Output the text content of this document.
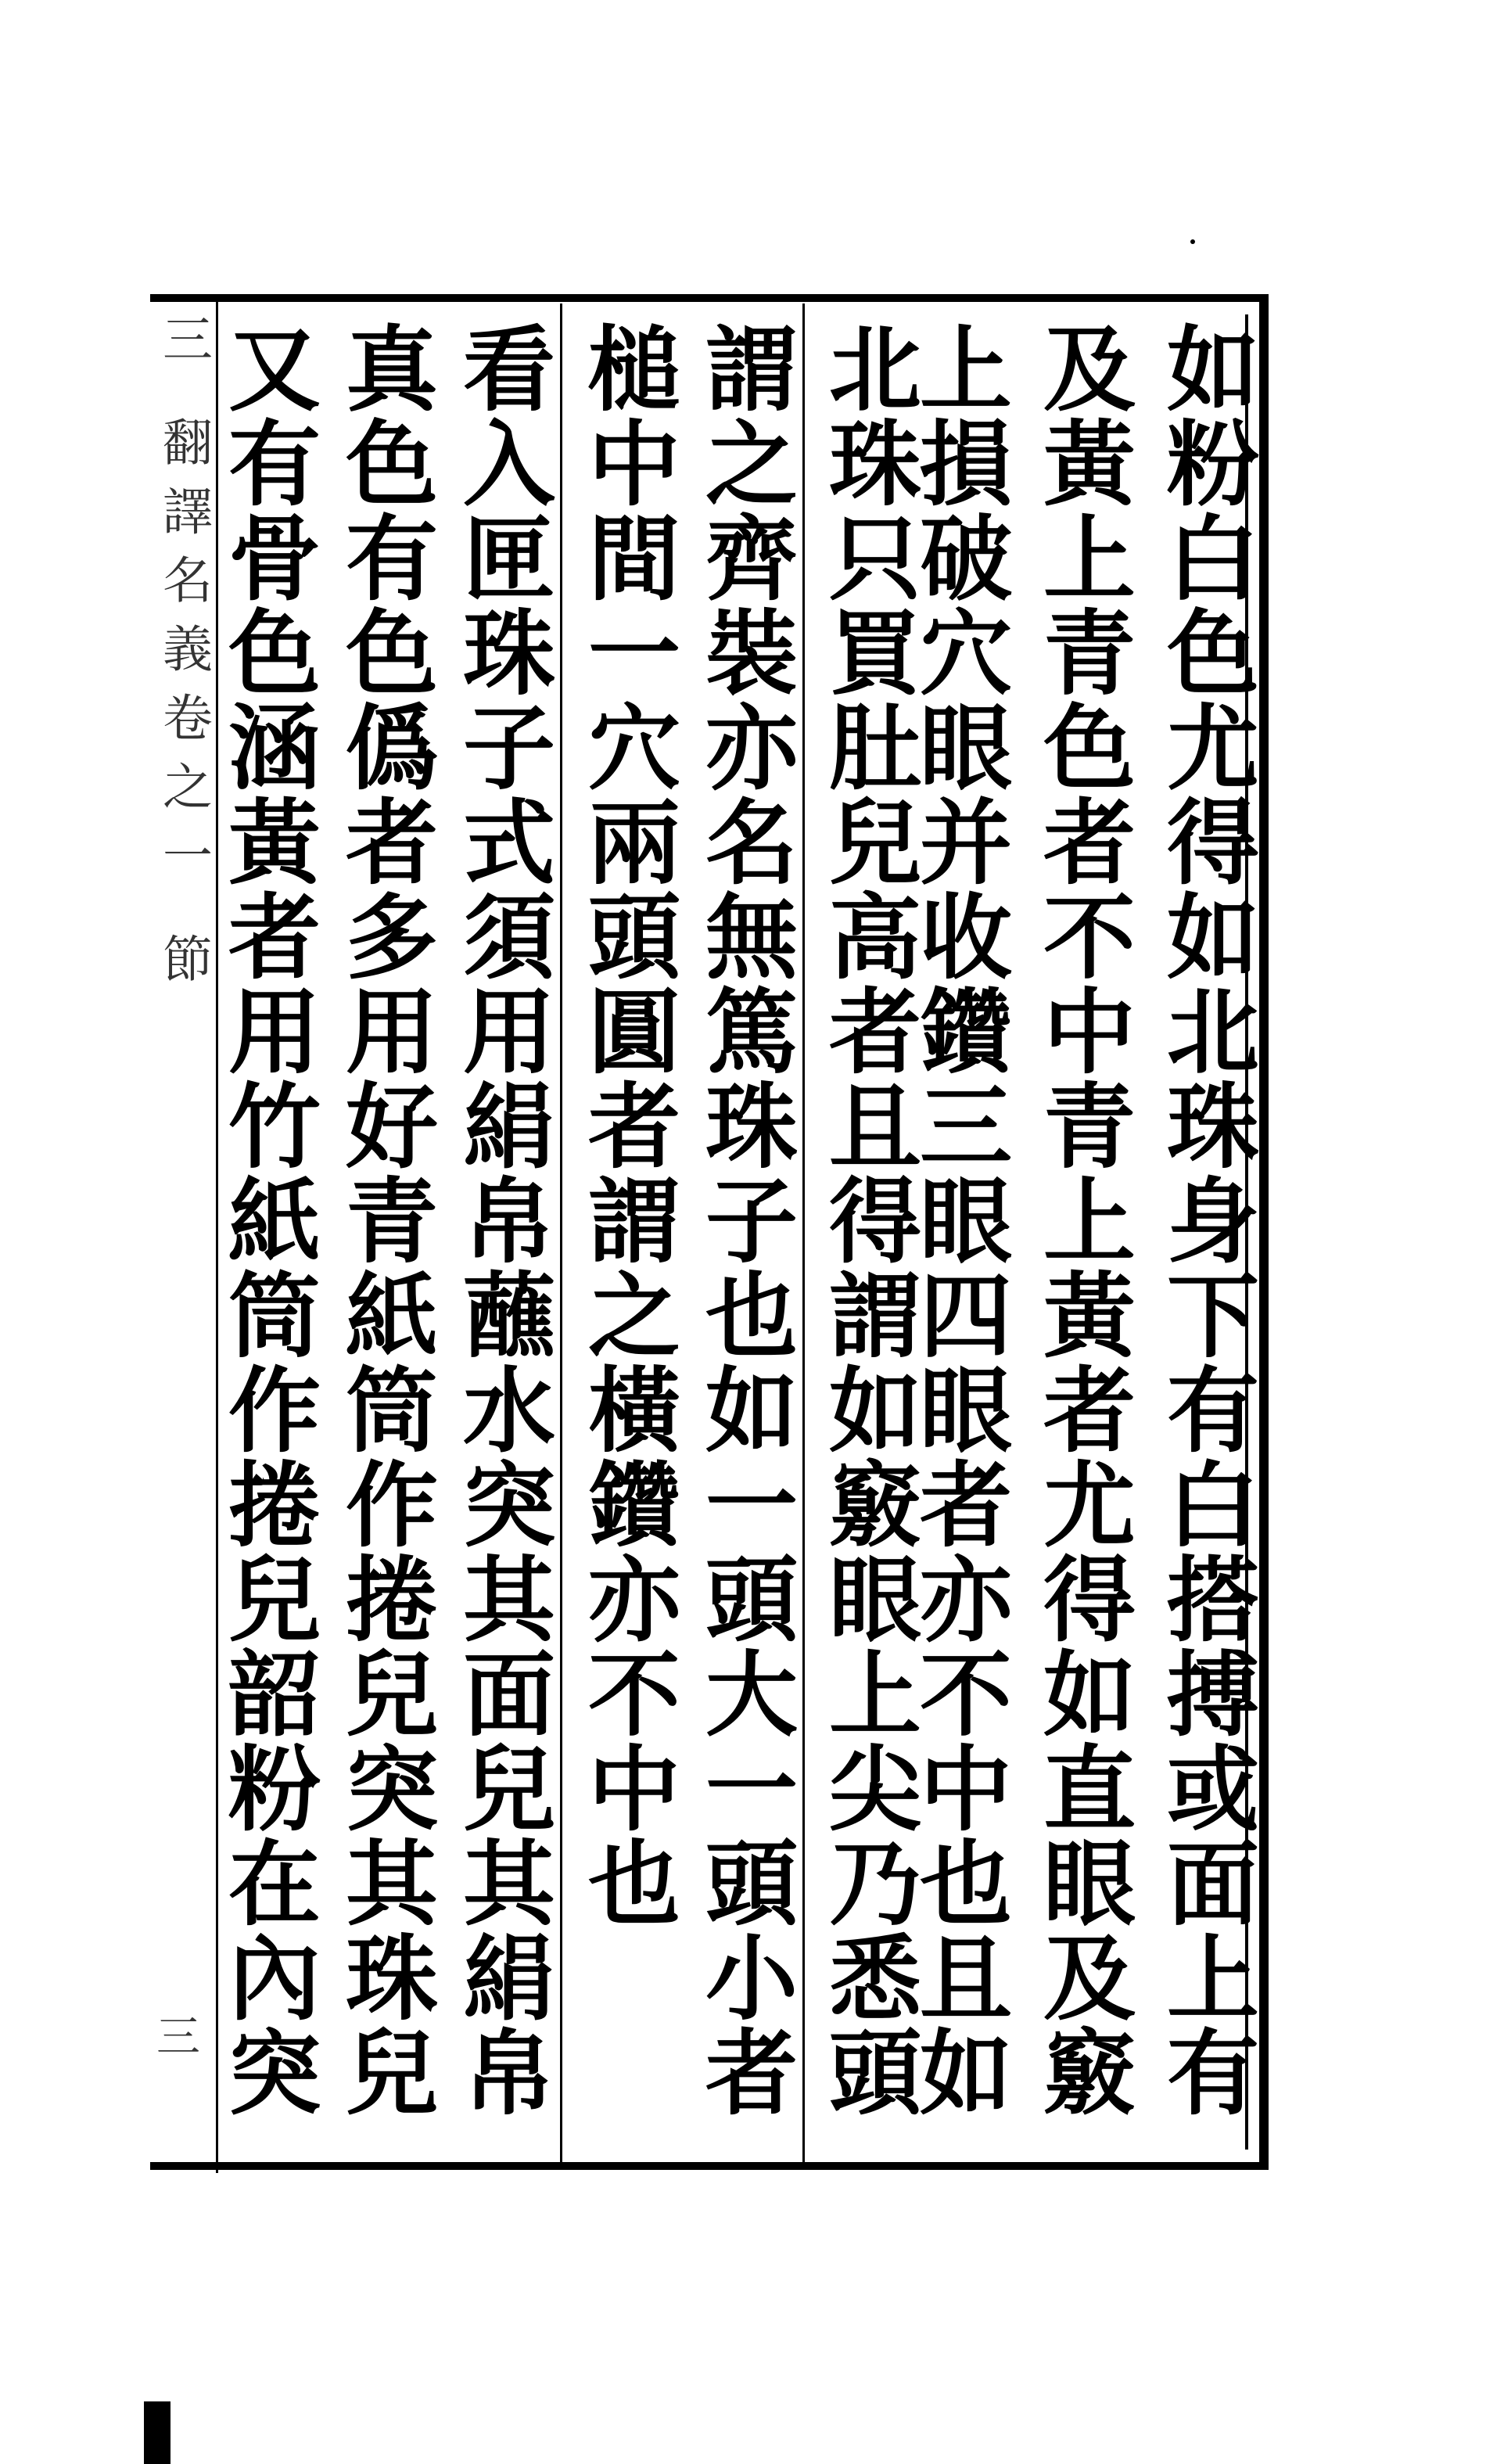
三 翻譯名義卷之一 節
三
如粉白色尤得如北珠身下有白搭搏或面上有
及黃上青色者不中青上黃者尤得如直眼及竅
上損破穴眼并收鑽三眼四眼者亦不中也且如
北珠只買肚兒高者且得謂如竅眼上尖乃悉頭
謂之齊裝亦名無篤珠子也如一頭大一頭小者
槌中間一穴兩頭圓者謂之橫鑽亦不中也
看入匣珠子式須用絹帛蘸水突其面兒其絹帛
真色有色僞者多用好青紙筒作捲兒突其珠兒
又有骨色涵黃者用竹紙筒作捲兒韶粉在內突
